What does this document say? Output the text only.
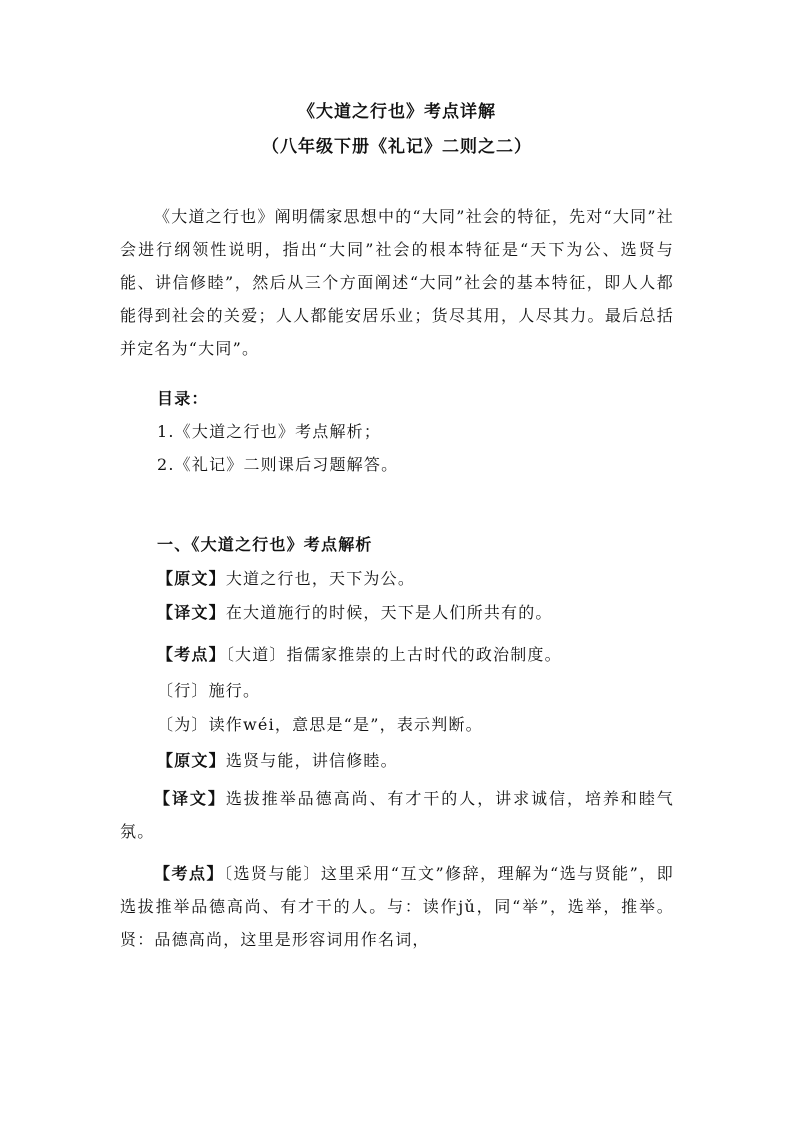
《大道之行也》考点详解
（八年级下册《礼记》二则之二）

《大道之行也》阐明儒家思想中的“大同”社会的特征，先对“大同”社会进行纲领性说明，指出“大同”社会的根本特征是“天下为公、选贤与能、讲信修睦”，然后从三个方面阐述“大同”社会的基本特征，即人人都能得到社会的关爱；人人都能安居乐业；货尽其用，人尽其力。最后总括并定名为“大同”。

目录：
1.《大道之行也》考点解析；
2.《礼记》二则课后习题解答。
一、《大道之行也》考点解析
【原文】大道之行也，天下为公。
【译文】在大道施行的时候，天下是人们所共有的。
【考点】〔大道〕指儒家推崇的上古时代的政治制度。
〔行〕施行。
〔为〕读作wéi，意思是“是”，表示判断。
【原文】选贤与能，讲信修睦。

【译文】选拔推举品德高尚、有才干的人，讲求诚信，培养和睦气氛。

【考点】〔选贤与能〕这里采用“互文”修辞，理解为“选与贤能”，即选拔推举品德高尚、有才干的人。与：读作jǔ，同“举”，选举，推举。贤：品德高尚，这里是形容词用作名词，
